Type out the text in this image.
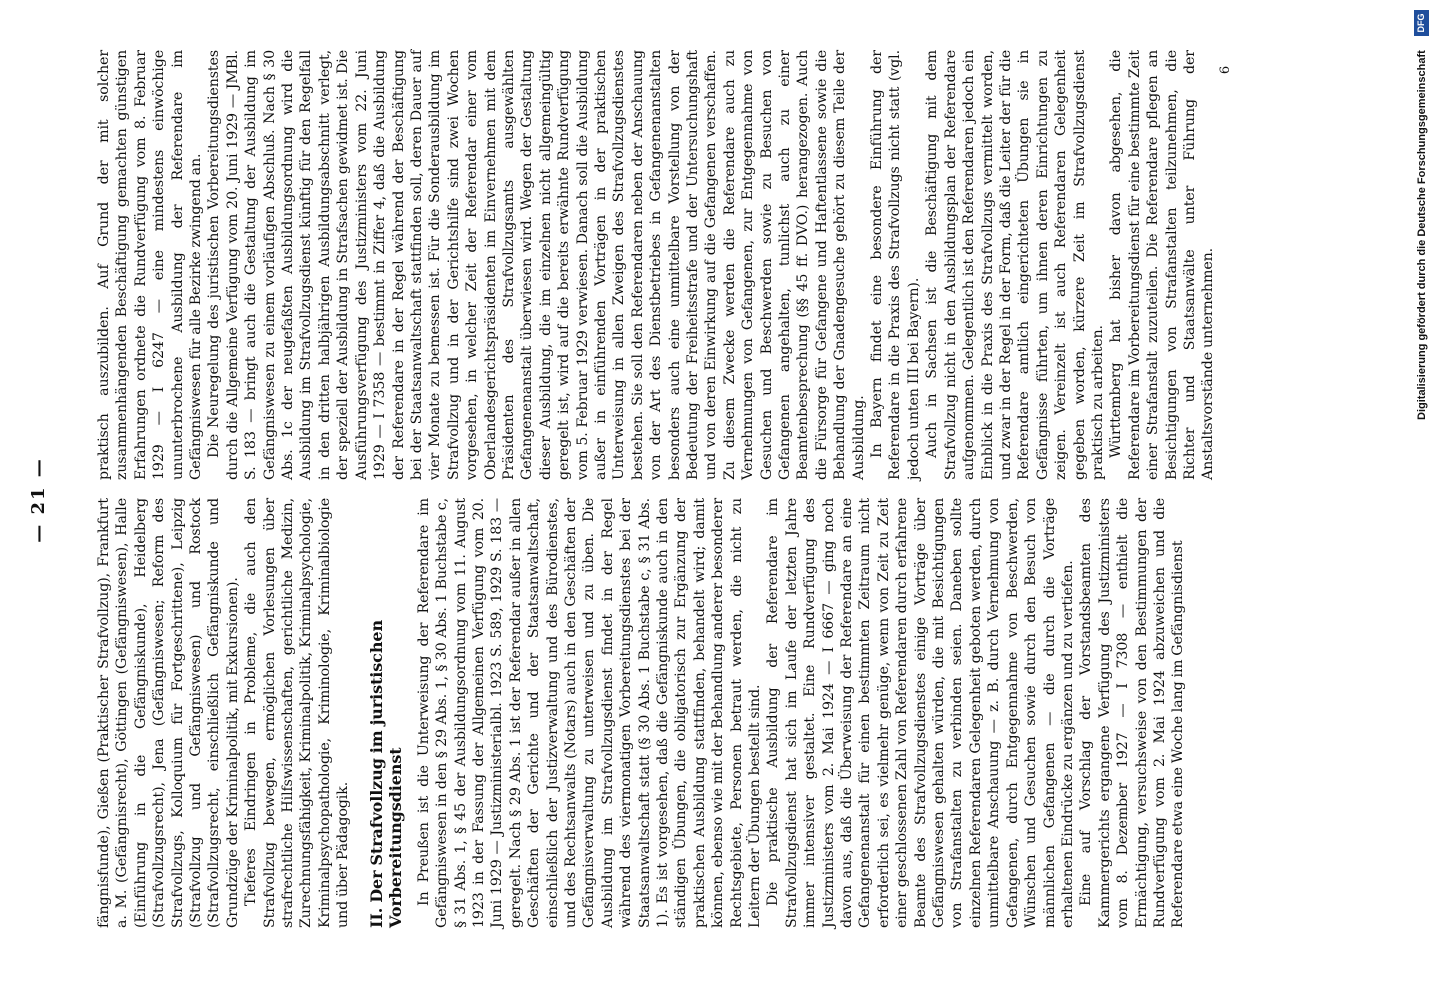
— 21 —	fängnisfunde), Gießen (Praktischer Strafvollzug), Frankfurt a. M. (Gefängnisrecht), Göttingen (Gefängniswesen), Halle (Einführung in die Gefängniskunde), Heidelberg (Strafvollzugsrecht), Jena (Gefängniswesen; Reform des Strafvollzugs, Kolloquium für Fortgeschrittene), Leipzig (Strafvollzug und Gefängniswesen) und Rostock (Strafvollzugsrecht, einschließlich Gefängniskunde und Grundzüge der Kriminalpolitik, mit Exkursionen). Tieferes Eindringen in Probleme, die auch den Strafvollzug bewegen, ermöglichen Vorlesungen über strafrechtliche Hilfswissenschaften, gerichtliche Medizin, Zurechnungsfähigkeit, Kriminalpolitik, Kriminalpsychologie, Kriminalpsychopathologie, Kriminologie, Kriminalbiologie und über Pädagogik. II. Der Strafvollzug im juristischen Vorbereitungsdienst In Preußen ist die Unterweisung der Referendare im Gefängniswesen in den § 29 Abs. 1, § 30 Abs. 1 Buchstabe c, § 31 Abs. 1, § 45 der Ausbildungsordnung vom 11. August 1923 in der Fassung der Allgemeinen Verfügung vom 20. Juni 1929 — Justizministerialbl. 1923 S. 589, 1929 S. 183 — geregelt. Nach § 29 Abs. 1 ist der Referendar außer in allen Geschäften der Gerichte und der Staatsanwaltschaft, einschließlich der Justizverwaltung und des Bürodienstes, und des Rechtsanwalts (Notars) auch in den Geschäften der Gefängnisverwaltung zu unterweisen und zu üben. Die Ausbildung im Strafvollzugsdienst findet in der Regel während des viermonatigen Vorbereitungsdienstes bei der Staatsanwaltschaft statt (§ 30 Abs. 1 Buchstabe c, § 31 Abs. 1). Es ist vorgesehen, daß die Gefängniskunde auch in den ständigen Übungen, die obligatorisch zur Ergänzung der praktischen Ausbildung stattfinden, behandelt wird; damit können, ebenso wie mit der Behandlung anderer besonderer Rechtsgebiete, Personen betraut werden, die nicht zu Leitern der Übungen bestellt sind. Die praktische Ausbildung der Referendare im Strafvollzugsdienst hat sich im Laufe der letzten Jahre immer intensiver gestaltet. Eine Rundverfügung des Justizministers vom 2. Mai 1924 — I 6667 — ging noch davon aus, daß die Überweisung der Referendare an eine Gefangenenanstalt für einen bestimmten Zeitraum nicht erforderlich sei, es vielmehr genüge, wenn von Zeit zu Zeit einer geschlossenen Zahl von Referendaren durch erfahrene Beamte des Strafvollzugsdienstes einige Vorträge über Gefängniswesen gehalten würden, die mit Besichtigungen von Strafanstalten zu verbinden seien. Daneben sollte einzelnen Referendaren Gelegenheit geboten werden, durch unmittelbare Anschauung — z. B. durch Vernehmung von Gefangenen, durch Entgegennahme von Beschwerden, Wünschen und Gesuchen sowie durch den Besuch von männlichen Gefangenen — die durch die Vorträge erhaltenen Eindrücke zu ergänzen und zu vertiefen. Eine auf Vorschlag der Vorstandsbeamten des Kammergerichts ergangene Verfügung des Justizministers vom 8. Dezember 1927 — I 7308 — enthielt die Ermächtigung, versuchsweise von den Bestimmungen der Rundverfügung vom 2. Mai 1924 abzuweichen und die Referendare etwa eine Woche lang im Gefängnisdienst

praktisch auszubilden. Auf Grund der mit solcher zusammenhängenden Beschäftigung gemachten günstigen Erfahrungen ordnete die Rundverfügung vom 8. Februar 1929 — I 6247 — eine mindestens einwöchige ununterbrochene Ausbildung der Referendare im Gefängniswesen für alle Bezirke zwingend an. Die Neuregelung des juristischen Vorbereitungsdienstes durch die Allgemeine Verfügung vom 20. Juni 1929 — JMBl. S. 183 — bringt auch die Gestaltung der Ausbildung im Gefängniswesen zu einem vorläufigen Abschluß. Nach § 30 Abs. 1c der neugefaßten Ausbildungsordnung wird die Ausbildung im Strafvollzugsdienst künftig für den Regelfall in den dritten halbjährigen Ausbildungsabschnitt verlegt, der speziell der Ausbildung in Strafsachen gewidmet ist. Die Ausführungsverfügung des Justizministers vom 22. Juni 1929 — I 7358 — bestimmt in Ziffer 4, daß die Ausbildung der Referendare in der Regel während der Beschäftigung bei der Staatsanwaltschaft stattfinden soll, deren Dauer auf vier Monate zu bemessen ist. Für die Sonderausbildung im Strafvollzug und in der Gerichtshilfe sind zwei Wochen vorgesehen, in welcher Zeit der Referendar einer vom Oberlandesgerichtspräsidenten im Einvernehmen mit dem Präsidenten des Strafvollzugsamts ausgewählten Gefangenenanstalt überwiesen wird. Wegen der Gestaltung dieser Ausbildung, die im einzelnen nicht allgemeingültig geregelt ist, wird auf die bereits erwähnte Rundverfügung vom 5. Februar 1929 verwiesen. Danach soll die Ausbildung außer in einführenden Vorträgen in der praktischen Unterweisung in allen Zweigen des Strafvollzugsdienstes bestehen. Sie soll den Referendaren neben der Anschauung von der Art des Dienstbetriebes in Gefangenenanstalten besonders auch eine unmittelbare Vorstellung von der Bedeutung der Freiheitsstrafe und der Untersuchungshaft und von deren Einwirkung auf die Gefangenen verschaffen. Zu diesem Zwecke werden die Referendare auch zu Vernehmungen von Gefangenen, zur Entgegennahme von Gesuchen und Beschwerden sowie zu Besuchen von Gefangenen angehalten, tunlichst auch zu einer Beamtenbesprechung (§§ 45 ff. DVO.) herangezogen. Auch die Fürsorge für Gefangene und Haftentlassene sowie die Behandlung der Gnadengesuche gehört zu diesem Teile der Ausbildung. In Bayern findet eine besondere Einführung der Referendare in die Praxis des Strafvollzugs nicht statt (vgl. jedoch unten III bei Bayern). Auch in Sachsen ist die Beschäftigung mit dem Strafvollzug nicht in den Ausbildungsplan der Referendare aufgenommen. Gelegentlich ist den Referendaren jedoch ein Einblick in die Praxis des Strafvollzugs vermittelt worden, und zwar in der Regel in der Form, daß die Leiter der für die Referendare amtlich eingerichteten Übungen sie in Gefängnisse führten, um ihnen deren Einrichtungen zu zeigen. Vereinzelt ist auch Referendaren Gelegenheit gegeben worden, kürzere Zeit im Strafvollzugsdienst praktisch zu arbeiten. Württemberg hat bisher davon abgesehen, die Referendare im Vorbereitungsdienst für eine bestimmte Zeit einer Strafanstalt zuzuteilen. Die Referendare pflegen an Besichtigungen von Strafanstalten teilzunehmen, die Richter und Staatsanwälte unter Führung der Anstaltsvorstände unternehmen.

6	Digitalisierung gefördert durch die Deutsche Forschungsgemeinschaft
DFG
